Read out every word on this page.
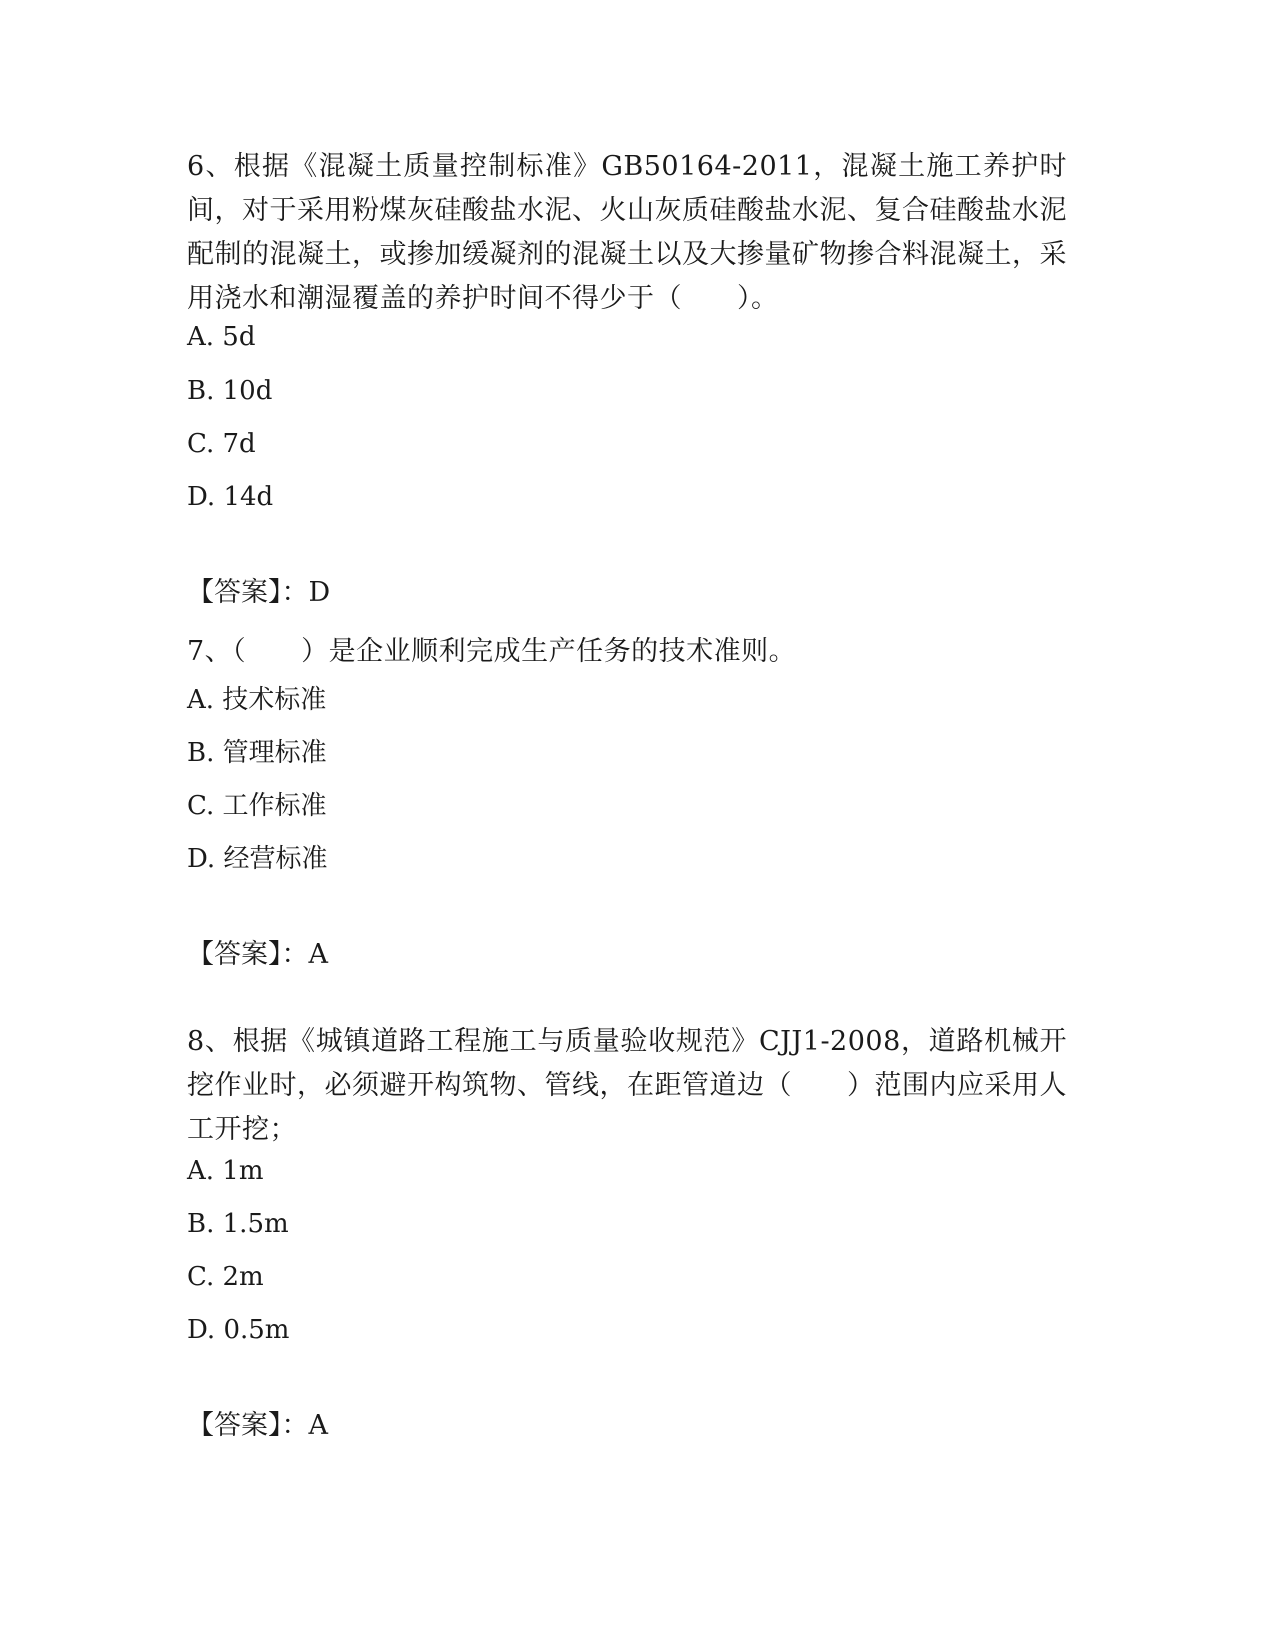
6、根据《混凝土质量控制标准》GB50164-2011，混凝土施工养护时间，对于采用粉煤灰硅酸盐水泥、火山灰质硅酸盐水泥、复合硅酸盐水泥配制的混凝土，或掺加缓凝剂的混凝土以及大掺量矿物掺合料混凝土，采用浇水和潮湿覆盖的养护时间不得少于（　　）。

A. 5d

B. 10d

C. 7d

D. 14d

【答案】：D

7、（　　）是企业顺利完成生产任务的技术准则。

A. 技术标准

B. 管理标准

C. 工作标准

D. 经营标准

【答案】：A

8、根据《城镇道路工程施工与质量验收规范》CJJ1-2008，道路机械开挖作业时，必须避开构筑物、管线，在距管道边（　　）范围内应采用人工开挖；

A. 1m

B. 1.5m

C. 2m

D. 0.5m

【答案】：A
